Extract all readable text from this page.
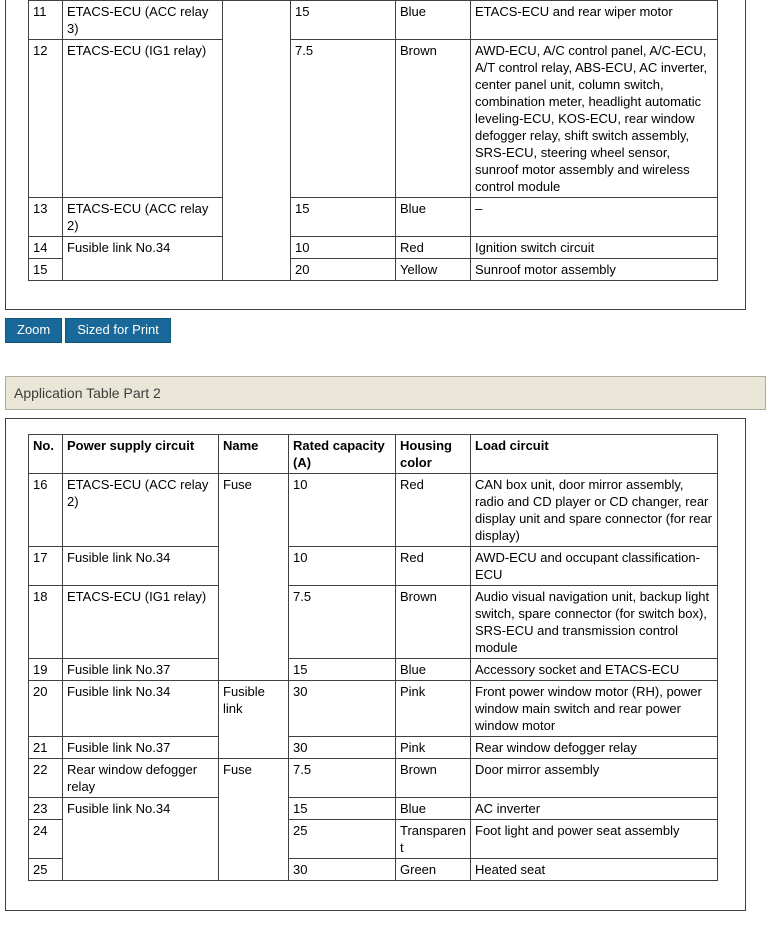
11	ETACS-ECU (ACC relay 3)		15	Blue	ETACS-ECU and rear wiper motor
12	ETACS-ECU (IG1 relay)		7.5	Brown	AWD-ECU, A/C control panel, A/C-ECU, A/T control relay, ABS-ECU, AC inverter, center panel unit, column switch, combination meter, headlight automatic leveling-ECU, KOS-ECU, rear window defogger relay, shift switch assembly, SRS-ECU, steering wheel sensor, sunroof motor assembly and wireless control module
13	ETACS-ECU (ACC relay 2)		15	Blue	–
14	Fusible link No.34		10	Red	Ignition switch circuit
15			20	Yellow	Sunroof motor assembly
Zoom	Sized for Print
Application Table Part 2
No.	Power supply circuit	Name	Rated capacity (A)	Housing color	Load circuit
16	ETACS-ECU (ACC relay 2)	Fuse	10	Red	CAN box unit, door mirror assembly, radio and CD player or CD changer, rear display unit and spare connector (for rear display)
17	Fusible link No.34		10	Red	AWD-ECU and occupant classification-ECU
18	ETACS-ECU (IG1 relay)		7.5	Brown	Audio visual navigation unit, backup light switch, spare connector (for switch box), SRS-ECU and transmission control module
19	Fusible link No.37		15	Blue	Accessory socket and ETACS-ECU
20	Fusible link No.34	Fusible link	30	Pink	Front power window motor (RH), power window main switch and rear power window motor
21	Fusible link No.37		30	Pink	Rear window defogger relay
22	Rear window defogger relay	Fuse	7.5	Brown	Door mirror assembly
23	Fusible link No.34		15	Blue	AC inverter
24			25	Transparent	Foot light and power seat assembly
25			30	Green	Heated seat
